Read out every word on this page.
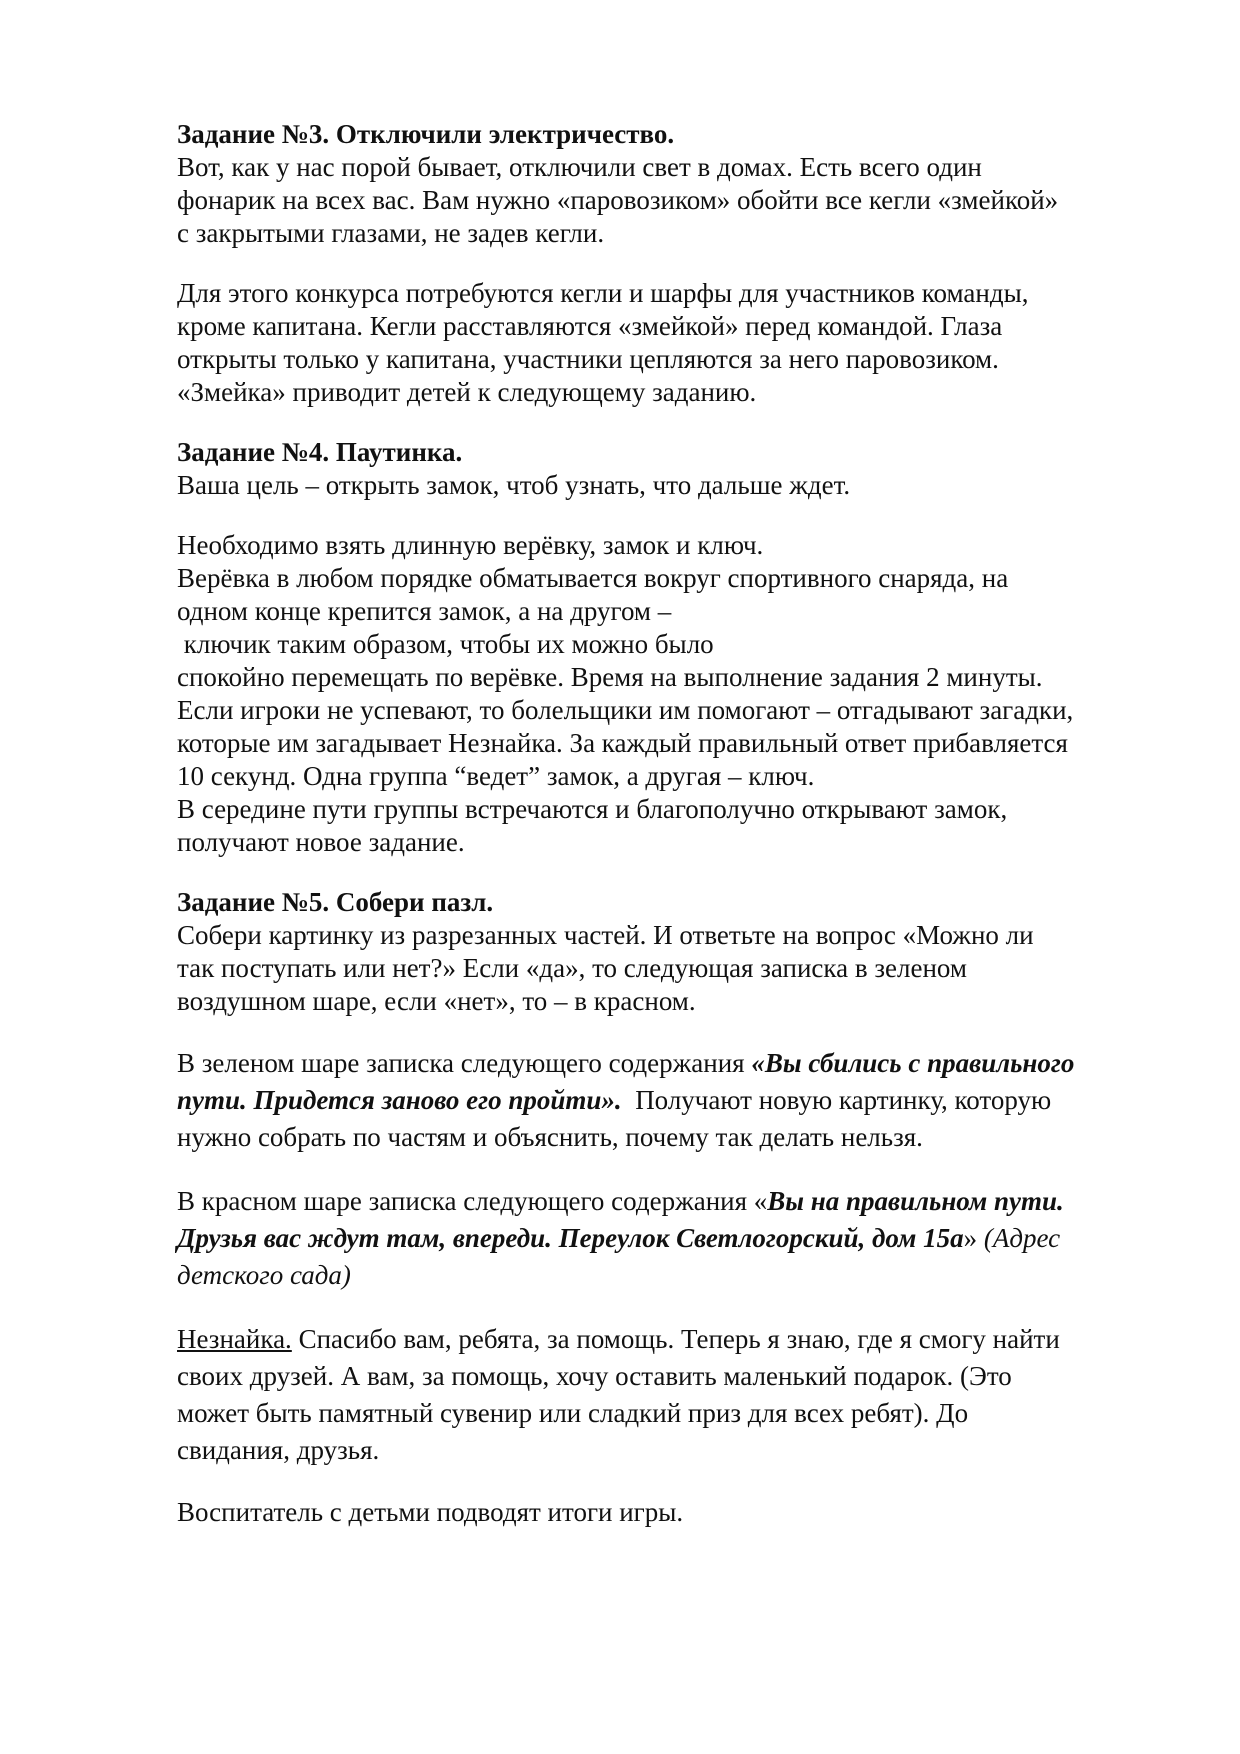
Задание №3. Отключили электричество.

Вот, как у нас порой бывает, отключили свет в домах. Есть всего один
фонарик на всех вас. Вам нужно «паровозиком» обойти все кегли «змейкой»
с закрытыми глазами, не задев кегли.

Для этого конкурса потребуются кегли и шарфы для участников команды,
кроме капитана. Кегли расставляются «змейкой» перед командой. Глаза
открыты только у капитана, участники цепляются за него паровозиком.
«Змейка» приводит детей к следующему заданию.

Задание №4. Паутинка.

Ваша цель – открыть замок, чтоб узнать, что дальше ждет.

Необходимо взять длинную верёвку, замок и ключ.
Верёвка в любом порядке обматывается вокруг спортивного снаряда, на
одном конце крепится замок, а на другом –
ключик таким образом, чтобы их можно было
спокойно перемещать по верёвке. Время на выполнение задания 2 минуты.
Если игроки не успевают, то болельщики им помогают – отгадывают загадки,
которые им загадывает Незнайка. За каждый правильный ответ прибавляется
10 секунд. Одна группа “ведет” замок, а другая – ключ.
В середине пути группы встречаются и благополучно открывают замок,
получают новое задание.

Задание №5. Собери пазл.

Собери картинку из разрезанных частей. И ответьте на вопрос «Можно ли
так поступать или нет?» Если «да», то следующая записка в зеленом
воздушном шаре, если «нет», то – в красном.

В зеленом шаре записка следующего содержания «Вы сбились с правильного
пути. Придется заново его пройти».  Получают новую картинку, которую
нужно собрать по частям и объяснить, почему так делать нельзя.

В красном шаре записка следующего содержания «Вы на правильном пути.
Друзья вас ждут там, впереди. Переулок Светлогорский, дом 15а» (Адрес
детского сада)

Незнайка. Спасибо вам, ребята, за помощь. Теперь я знаю, где я смогу найти
своих друзей. А вам, за помощь, хочу оставить маленький подарок. (Это
может быть памятный сувенир или сладкий приз для всех ребят). До
свидания, друзья.

Воспитатель с детьми подводят итоги игры.
